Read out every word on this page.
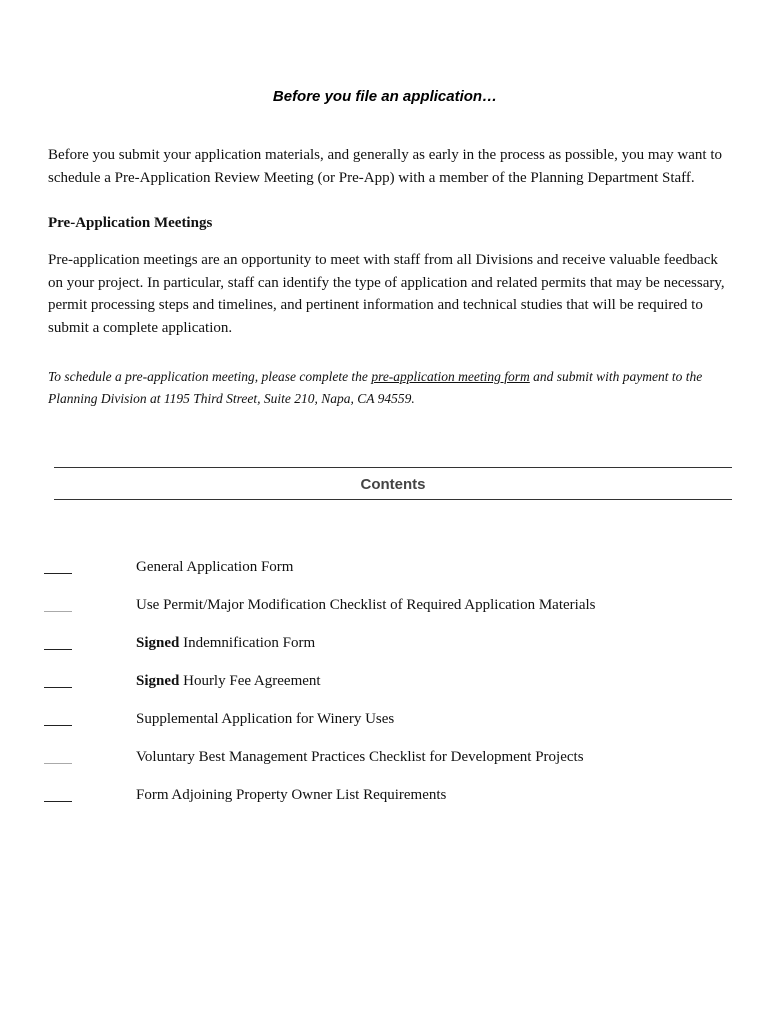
Before you file an application…
Before you submit your application materials, and generally as early in the process as possible, you may want to schedule a Pre-Application Review Meeting (or Pre-App) with a member of the Planning Department Staff.
Pre-Application Meetings
Pre-application meetings are an opportunity to meet with staff from all Divisions and receive valuable feedback on your project. In particular, staff can identify the type of application and related permits that may be necessary, permit processing steps and timelines, and pertinent information and technical studies that will be required to submit a complete application.
To schedule a pre-application meeting, please complete the pre-application meeting form and submit with payment to the Planning Division at 1195 Third Street, Suite 210, Napa, CA 94559.
Contents
General Application Form
Use Permit/Major Modification Checklist of Required Application Materials
Signed Indemnification Form
Signed Hourly Fee Agreement
Supplemental Application for Winery Uses
Voluntary Best Management Practices Checklist for Development Projects
Form Adjoining Property Owner List Requirements
